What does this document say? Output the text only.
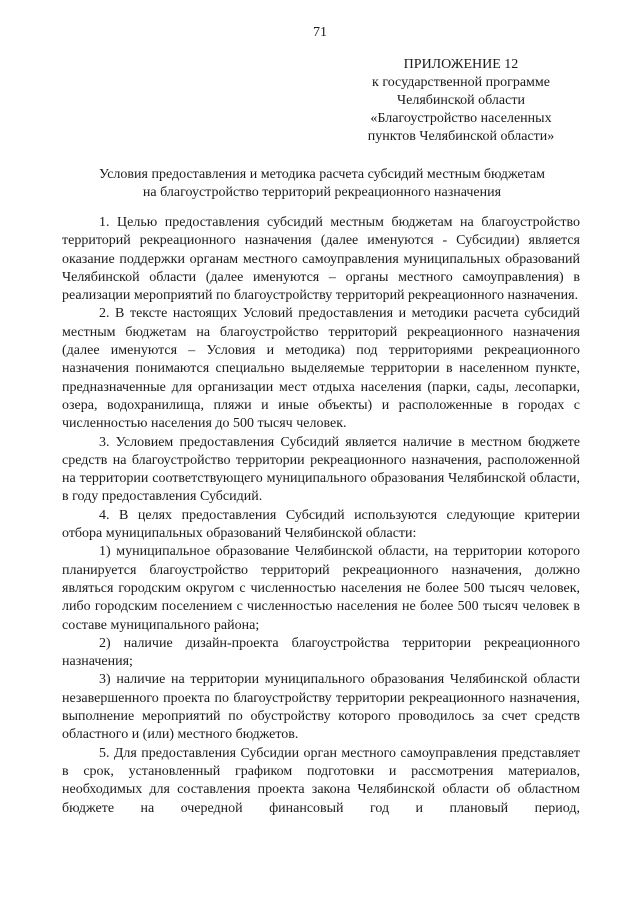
71
ПРИЛОЖЕНИЕ 12
к государственной программе
Челябинской области
«Благоустройство населенных
пунктов Челябинской области»
Условия предоставления и методика расчета субсидий местным бюджетам
на благоустройство территорий рекреационного назначения

1. Целью предоставления субсидий местным бюджетам на благоустройство территорий рекреационного назначения (далее именуются - Субсидии) является оказание поддержки органам местного самоуправления муниципальных образований Челябинской области (далее именуются – органы местного самоуправления) в реализации мероприятий по благоустройству территорий рекреационного назначения.

2. В тексте настоящих Условий предоставления и методики расчета субсидий местным бюджетам на благоустройство территорий рекреационного назначения (далее именуются – Условия и методика) под территориями рекреационного назначения понимаются специально выделяемые территории в населенном пункте, предназначенные для организации мест отдыха населения (парки, сады, лесопарки, озера, водохранилища, пляжи и иные объекты) и расположенные в городах с численностью населения до 500 тысяч человек.

3. Условием предоставления Субсидий является наличие в местном бюджете средств на благоустройство территории рекреационного назначения, расположенной на территории соответствующего муниципального образования Челябинской области, в году предоставления Субсидий.

4. В целях предоставления Субсидий используются следующие критерии отбора муниципальных образований Челябинской области:

1) муниципальное образование Челябинской области, на территории которого планируется благоустройство территорий рекреационного назначения, должно являться городским округом с численностью населения не более 500 тысяч человек, либо городским поселением с численностью населения не более 500 тысяч человек в составе муниципального района;

2) наличие дизайн-проекта благоустройства территории рекреационного назначения;

3) наличие на территории муниципального образования Челябинской области незавершенного проекта по благоустройству территории рекреационного назначения, выполнение мероприятий по обустройству которого проводилось за счет средств областного и (или) местного бюджетов.

5. Для предоставления Субсидии орган местного самоуправления представляет в срок, установленный графиком подготовки и рассмотрения материалов, необходимых для составления проекта закона Челябинской области об областном бюджете на очередной финансовый год и плановый период,
